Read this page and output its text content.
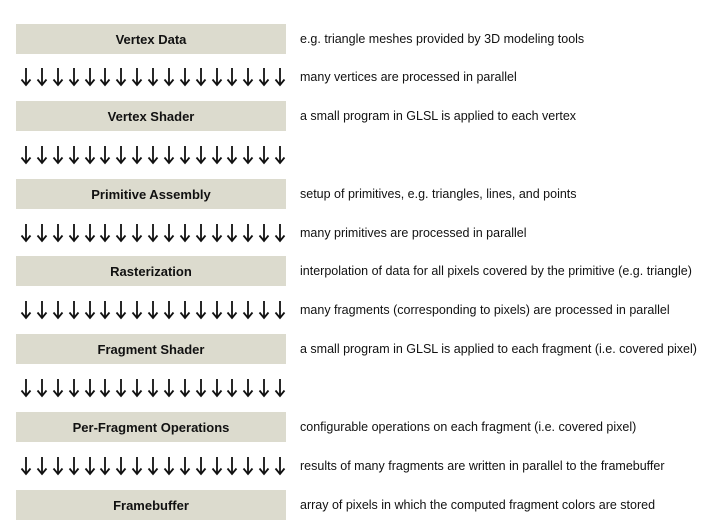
Vertex Data	e.g. triangle meshes provided by 3D modeling tools
many vertices are processed in parallel
Vertex Shader	a small program in GLSL is applied to each vertex
Primitive Assembly	setup of primitives, e.g. triangles, lines, and points
many primitives are processed in parallel
Rasterization	interpolation of data for all pixels covered by the primitive (e.g. triangle)
many fragments (corresponding to pixels) are processed in parallel
Fragment Shader	a small program in GLSL is applied to each fragment (i.e. covered pixel)
Per-Fragment Operations	configurable operations on each fragment (i.e. covered pixel)
results of many fragments are written in parallel to the framebuffer
Framebuffer	array of pixels in which the computed fragment colors are stored
